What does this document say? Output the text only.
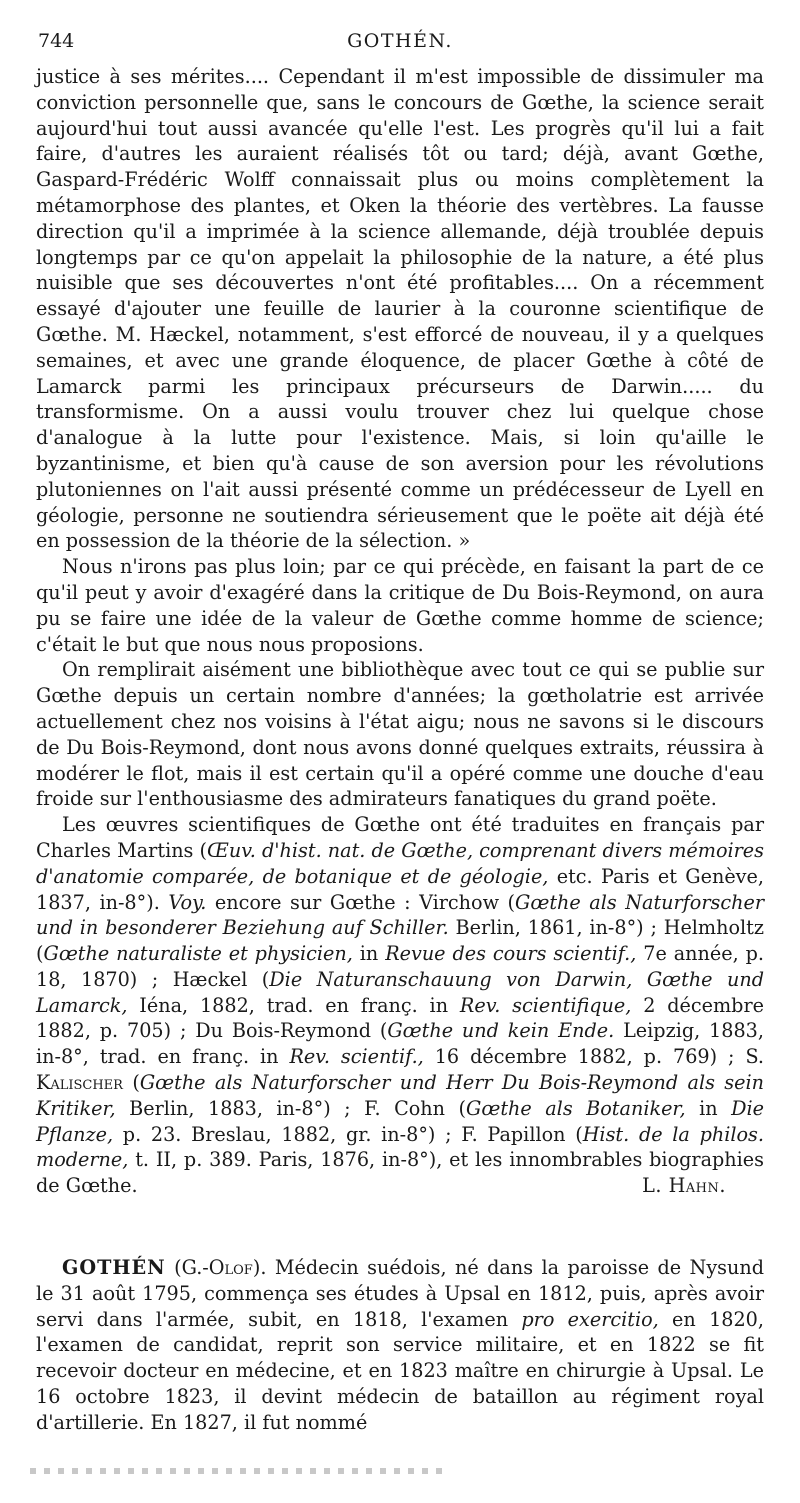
744	GOTHÉN.

justice à ses mérites.... Cependant il m'est impossible de dissimuler ma conviction personnelle que, sans le concours de Gœthe, la science serait aujourd'hui tout aussi avancée qu'elle l'est. Les progrès qu'il lui a fait faire, d'autres les auraient réalisés tôt ou tard; déjà, avant Gœthe, Gaspard-Frédéric Wolff connaissait plus ou moins complètement la métamorphose des plantes, et Oken la théorie des vertèbres. La fausse direction qu'il a imprimée à la science allemande, déjà troublée depuis longtemps par ce qu'on appelait la philosophie de la nature, a été plus nuisible que ses découvertes n'ont été profitables.... On a récemment essayé d'ajouter une feuille de laurier à la couronne scientifique de Gœthe. M. Hæckel, notamment, s'est efforcé de nouveau, il y a quelques semaines, et avec une grande éloquence, de placer Gœthe à côté de Lamarck parmi les principaux précurseurs de Darwin..... du transformisme. On a aussi voulu trouver chez lui quelque chose d'analogue à la lutte pour l'existence. Mais, si loin qu'aille le byzantinisme, et bien qu'à cause de son aversion pour les révolutions plutoniennes on l'ait aussi présenté comme un prédécesseur de Lyell en géologie, personne ne soutiendra sérieusement que le poëte ait déjà été en possession de la théorie de la sélection. »

Nous n'irons pas plus loin; par ce qui précède, en faisant la part de ce qu'il peut y avoir d'exagéré dans la critique de Du Bois-Reymond, on aura pu se faire une idée de la valeur de Gœthe comme homme de science; c'était le but que nous nous proposions.

On remplirait aisément une bibliothèque avec tout ce qui se publie sur Gœthe depuis un certain nombre d'années; la gœtholatrie est arrivée actuellement chez nos voisins à l'état aigu; nous ne savons si le discours de Du Bois-Reymond, dont nous avons donné quelques extraits, réussira à modérer le flot, mais il est certain qu'il a opéré comme une douche d'eau froide sur l'enthousiasme des admirateurs fanatiques du grand poëte.

Les œuvres scientifiques de Gœthe ont été traduites en français par Charles Martins (Œuv. d'hist. nat. de Gœthe, comprenant divers mémoires d'anatomie comparée, de botanique et de géologie, etc. Paris et Genève, 1837, in-8°). Voy. encore sur Gœthe : Virchow (Gœthe als Naturforscher und in besonderer Beziehung auf Schiller. Berlin, 1861, in-8°) ; Helmholtz (Gœthe naturaliste et physicien, in Revue des cours scientif., 7e année, p. 18, 1870) ; Hæckel (Die Naturanschauung von Darwin, Gœthe und Lamarck, Iéna, 1882, trad. en franç. in Rev. scientifique, 2 décembre 1882, p. 705) ; Du Bois-Reymond (Gœthe und kein Ende. Leipzig, 1883, in-8°, trad. en franç. in Rev. scientif., 16 décembre 1882, p. 769) ; S. Kalischer (Gœthe als Naturforscher und Herr Du Bois-Reymond als sein Kritiker, Berlin, 1883, in-8°) ; F. Cohn (Gœthe als Botaniker, in Die Pflanze, p. 23. Breslau, 1882, gr. in-8°) ; F. Papillon (Hist. de la philos. moderne, t. II, p. 389. Paris, 1876, in-8°), et les innombrables biographies de Gœthe.	L. Hahn.

GOTHÉN (G.-Olof). Médecin suédois, né dans la paroisse de Nysund le 31 août 1795, commença ses études à Upsal en 1812, puis, après avoir servi dans l'armée, subit, en 1818, l'examen pro exercitio, en 1820, l'examen de candidat, reprit son service militaire, et en 1822 se fit recevoir docteur en médecine, et en 1823 maître en chirurgie à Upsal. Le 16 octobre 1823, il devint médecin de bataillon au régiment royal d'artillerie. En 1827, il fut nommé
